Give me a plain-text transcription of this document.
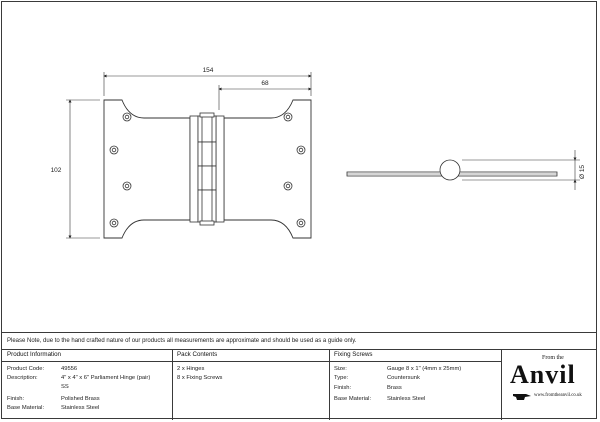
154
68
102	Ø 15
Please Note, due to the hand crafted nature of our products all measurements are approximate and should be used as a guide only.
Product Information
Product Code:	49556
Description:	4" x 4" x 6" Parliament Hinge (pair)
SS
Finish:	Polished Brass
Base Material:	Stainless Steel
Pack Contents
2 x Hinges
8 x Fixing Screws
Fixing Screws
Size:	Gauge 8 x 1" (4mm x 25mm)
Type:	Countersunk
Finish:	Brass
Base Material:	Stainless Steel
From the
Anvil
www.fromtheanvil.co.uk
